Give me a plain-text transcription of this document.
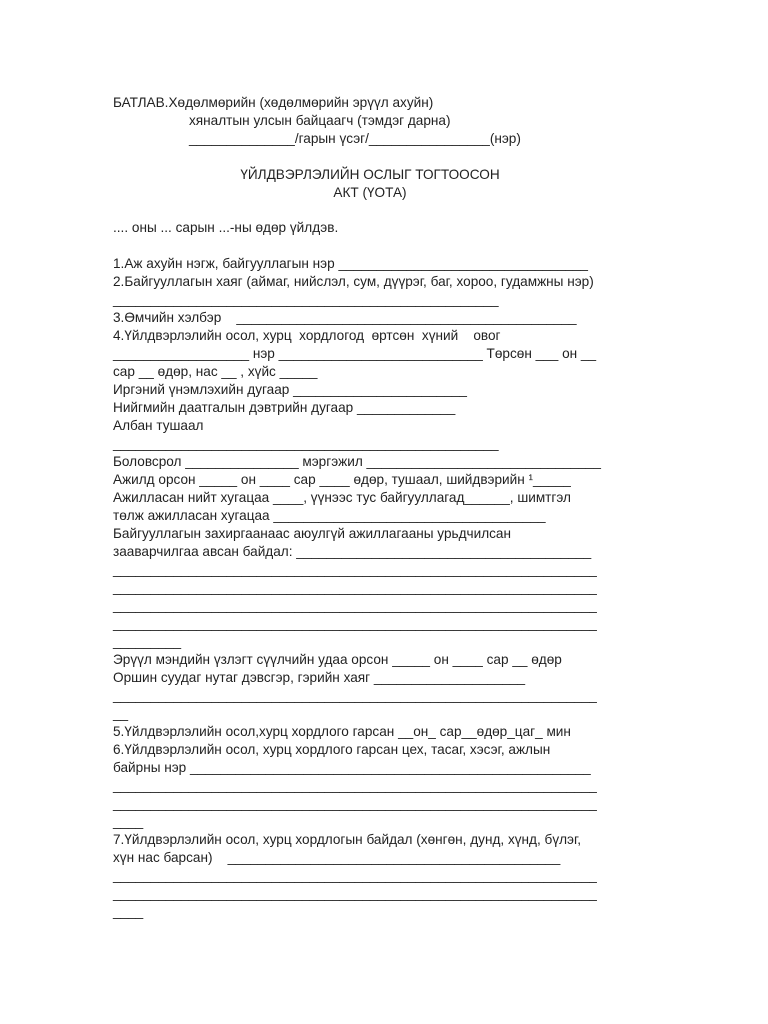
БАТЛАВ.Хөдөлмөрийн (хөдөлмөрийн эрүүл ахуйн)
хяналтын улсын байцаагч (тэмдэг дарна)
______________/гарын үсэг/________________(нэр)
ҮЙЛДВЭРЛЭЛИЙН ОСЛЫГ ТОГТООСОН
АКТ (ҮОТА)
.... оны ... сарын ...-ны өдөр үйлдэв.
1.Аж ахуйн нэгж, байгууллагын нэр _________________________________
2.Байгууллагын хаяг (аймаг, нийслэл, сум, дүүрэг, баг, хороо, гудамжны нэр)
___________________________________________________
3.Өмчийн хэлбэр    _____________________________________________
4.Үйлдвэрлэлийн осол, хурц  хордлогод  өртсөн  хүний    овог
__________________ нэр ___________________________ Төрсөн ___ он __
сар __ өдөр, нас __ , хүйс _____
Иргэний үнэмлэхийн дугаар _______________________
Нийгмийн даатгалын дэвтрийн дугаар _____________
Албан тушаал
___________________________________________________
Боловсрол _______________ мэргэжил _______________________________
Ажилд орсон _____ он ____ сар ____ өдөр, тушаал, шийдвэрийн ¹_____
Ажилласан нийт хугацаа ____, үүнээс тус байгууллагад______, шимтгэл
төлж ажилласан хугацаа ____________________________________
Байгууллагын захиргаанаас аюулгүй ажиллагааны урьдчилсан
зааварчилгаа авсан байдал: _______________________________________
________________________________________________________________
________________________________________________________________
________________________________________________________________
________________________________________________________________
_________
Эрүүл мэндийн үзлэгт сүүлчийн удаа орсон _____ он ____ сар __ өдөр
Оршин суудаг нутаг дэвсгэр, гэрийн хаяг ____________________
________________________________________________________________
__
5.Үйлдвэрлэлийн осол,хурц хордлого гарсан __он_ сар__өдөр_цаг_ мин
6.Үйлдвэрлэлийн осол, хурц хордлого гарсан цех, тасаг, хэсэг, ажлын
байрны нэр _____________________________________________________
________________________________________________________________
________________________________________________________________
____
7.Үйлдвэрлэлийн осол, хурц хордлогын байдал (хөнгөн, дунд, хүнд, бүлэг,
хүн нас барсан)    ____________________________________________
________________________________________________________________
________________________________________________________________
____
